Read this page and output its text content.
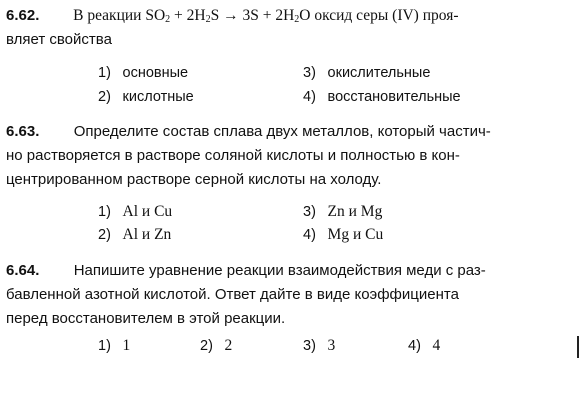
6.62. В реакции $SO_2 + 2H_2S \to 3S + 2H_2O$ оксид серы (IV) проя-
вляет свойства
1) основные	3) окислительные
2) кислотные	4) восстановительные
6.63. Определите состав сплава двух металлов, который частич-
но растворяется в растворе соляной кислоты и полностью в кон-
центрированном растворе серной кислоты на холоду.
1) Al и Cu	3) Zn и Mg
2) Al и Zn	4) Mg и Cu
6.64. Напишите уравнение реакции взаимодействия меди с раз-
бавленной азотной кислотой. Ответ дайте в виде коэффициента
перед восстановителем в этой реакции.
1) 1	2) 2	3) 3	4) 4
